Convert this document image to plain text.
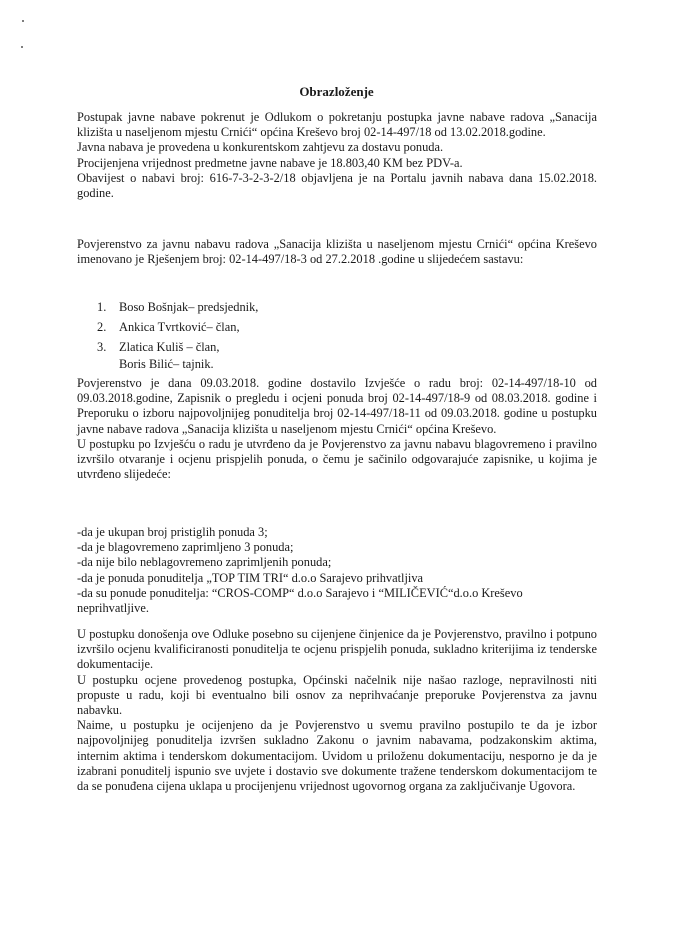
Obrazloženje

Postupak javne nabave pokrenut je Odlukom o pokretanju postupka javne nabave radova „Sanacija klizišta u naseljenom mjestu Crnići“ općina Kreševo broj 02-14-497/18 od 13.02.2018.godine.

Javna nabava je provedena u konkurentskom zahtjevu za dostavu ponuda.

Procijenjena vrijednost predmetne javne nabave je 18.803,40 KM bez PDV-a.

Obavijest o nabavi broj: 616-7-3-2-3-2/18 objavljena je na Portalu javnih nabava dana 15.02.2018. godine.

Povjerenstvo za javnu nabavu radova „Sanacija klizišta u naseljenom mjestu Crnići“ općina Kreševo imenovano je Rješenjem broj: 02-14-497/18-3 od 27.2.2018 .godine u slijedećem sastavu:

1. Boso Bošnjak– predsjednik,
2. Ankica Tvrtković– član,
3. Zlatica Kuliš – član,
Boris Bilić– tajnik.

Povjerenstvo je dana 09.03.2018. godine dostavilo Izvješće o radu broj: 02-14-497/18-10 od 09.03.2018.godine, Zapisnik o pregledu i ocjeni ponuda broj 02-14-497/18-9 od 08.03.2018. godine i Preporuku o izboru najpovoljnijeg ponuditelja broj 02-14-497/18-11 od 09.03.2018. godine u postupku javne nabave radova „Sanacija klizišta u naseljenom mjestu Crnići“ općina Kreševo.

U postupku po Izvješću o radu je utvrđeno da je Povjerenstvo za javnu nabavu blagovremeno i pravilno izvršilo otvaranje i ocjenu prispjelih ponuda, o čemu je sačinilo odgovarajuće zapisnike, u kojima je utvrđeno slijedeće:

-da je ukupan broj pristiglih ponuda 3;

-da je blagovremeno zaprimljeno 3 ponuda;

-da nije bilo neblagovremeno zaprimljenih ponuda;

-da je ponuda ponuditelja „TOP TIM TRI“ d.o.o Sarajevo prihvatljiva

-da su ponude ponuditelja: “CROS-COMP“ d.o.o Sarajevo i “MILIČEVIĆ“d.o.o Kreševo neprihvatljive.

U postupku donošenja ove Odluke posebno su cijenjene činjenice da je Povjerenstvo, pravilno i potpuno izvršilo ocjenu kvalificiranosti ponuditelja te ocjenu prispjelih ponuda, sukladno kriterijima iz tenderske dokumentacije.

U postupku ocjene provedenog postupka, Općinski načelnik nije našao razloge, nepravilnosti niti propuste u radu, koji bi eventualno bili osnov za neprihvaćanje preporuke Povjerenstva za javnu nabavku.

Naime, u postupku je ocijenjeno da je Povjerenstvo u svemu pravilno postupilo te da je izbor najpovoljnijeg ponuditelja izvršen sukladno Zakonu o javnim nabavama, podzakonskim aktima, internim aktima i tenderskom dokumentacijom. Uvidom u priloženu dokumentaciju, nesporno je da je izabrani ponuditelj ispunio sve uvjete i dostavio sve dokumente tražene tenderskom dokumentacijom te da se ponuđena cijena uklapa u procijenjenu vrijednost ugovornog organa za zaključivanje Ugovora.
